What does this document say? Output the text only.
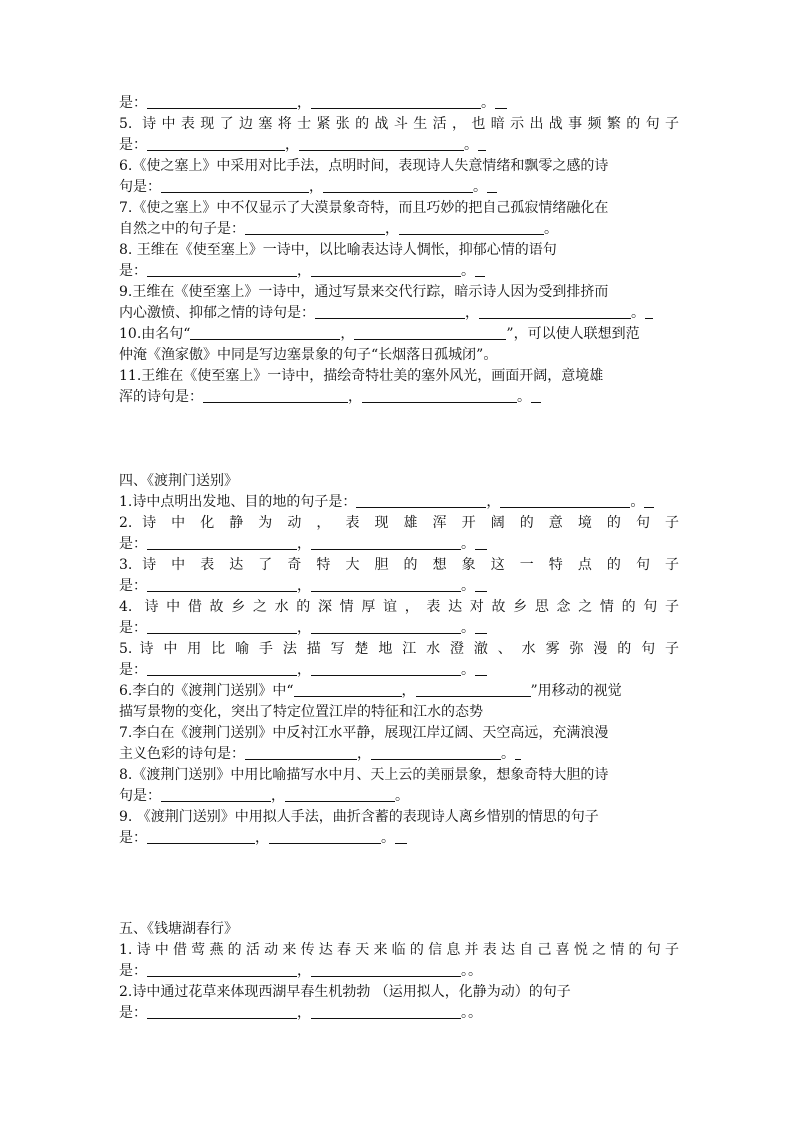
是：	，	。
5. 诗中表现了边塞将士紧张的战斗生活，也暗示出战事频繁的句子
是：	，	。
6.《使之塞上》中采用对比手法，点明时间，表现诗人失意情绪和飘零之感的诗
句是：	，	。
7.《使之塞上》中不仅显示了大漠景象奇特，而且巧妙的把自己孤寂情绪融化在
自然之中的句子是：	，	。
8. 王维在《使至塞上》一诗中，以比喻表达诗人惆怅，抑郁心情的语句
是：	，	。
9.王维在《使至塞上》一诗中，通过写景来交代行踪，暗示诗人因为受到排挤而
内心激愤、抑郁之情的诗句是：	，	。
10.由名句“	，	”，可以使人联想到范
仲淹《渔家傲》中同是写边塞景象的句子“长烟落日孤城闭”。
11.王维在《使至塞上》一诗中，描绘奇特壮美的塞外风光，画面开阔，意境雄
浑的诗句是：	，	。
四、《渡荆门送别》
1.诗中点明出发地、目的地的句子是：	，	。
2. 诗 中 化 静 为 动 ， 表 现 雄 浑 开 阔 的 意 境 的 句 子
是：	，	。
3. 诗 中 表 达 了 奇 特 大 胆 的 想 象 这 一 特 点 的 句 子
是：	，	。
4. 诗中借故乡之水的深情厚谊，表达对故乡思念之情的句子
是：	，	。
5. 诗 中 用 比 喻 手 法 描 写 楚 地 江 水 澄 澈 、 水 雾 弥 漫 的 句 子
是：	，	。
6.李白的《渡荆门送别》中“	，	”用移动的视觉
描写景物的变化，突出了特定位置江岸的特征和江水的态势
7.李白在《渡荆门送别》中反衬江水平静，展现江岸辽阔、天空高远，充满浪漫
主义色彩的诗句是：	，	。
8.《渡荆门送别》中用比喻描写水中月、天上云的美丽景象，想象奇特大胆的诗
句是：	，	。
9. 《渡荆门送别》中用拟人手法，曲折含蓄的表现诗人离乡惜别的情思的句子
是：	，	。
五、《钱塘湖春行》
1.诗中借莺燕的活动来传达春天来临的信息并表达自己喜悦之情的句子
是：	，	。。
2.诗中通过花草来体现西湖早春生机勃勃 （运用拟人，化静为动）的句子
是：	，	。。
